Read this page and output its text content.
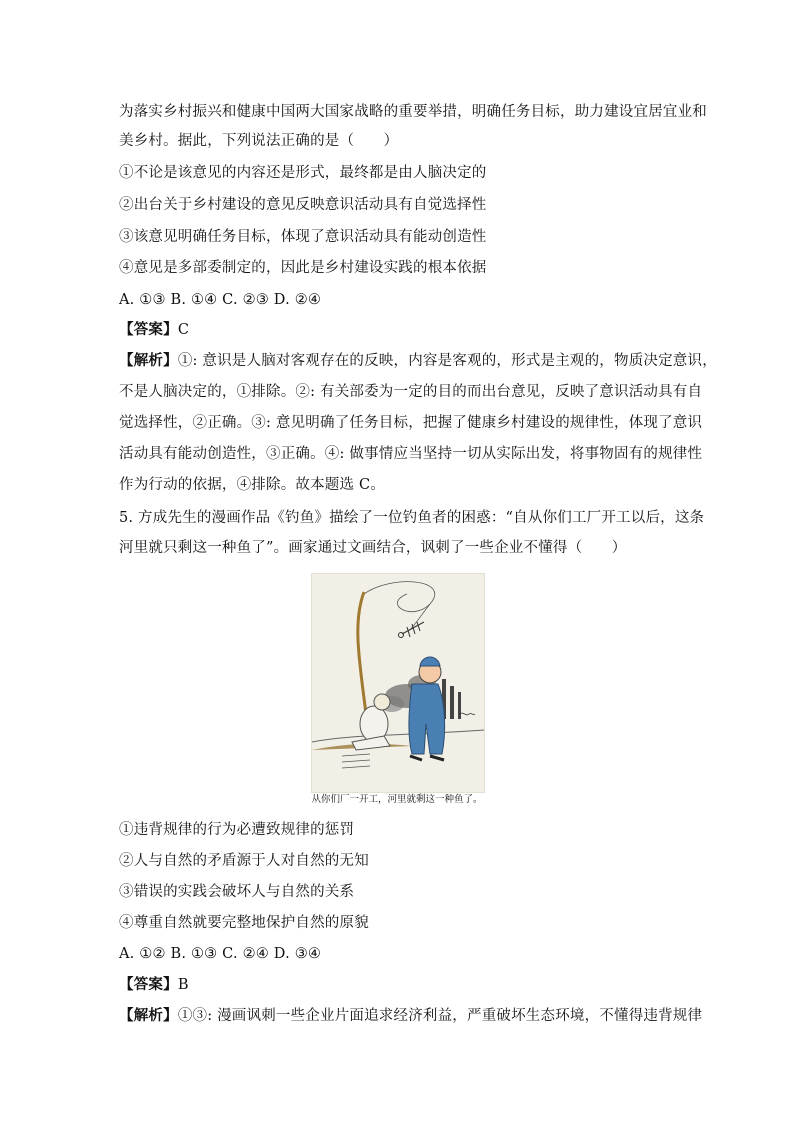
为落实乡村振兴和健康中国两大国家战略的重要举措，明确任务目标，助力建设宜居宜业和
美乡村。据此，下列说法正确的是（　　）
①不论是该意见的内容还是形式，最终都是由人脑决定的
②出台关于乡村建设的意见反映意识活动具有自觉选择性
③该意见明确任务目标，体现了意识活动具有能动创造性
④意见是多部委制定的，因此是乡村建设实践的根本依据
A. ①③ B. ①④ C. ②③ D. ②④
【答案】C
【解析】①: 意识是人脑对客观存在的反映，内容是客观的，形式是主观的，物质决定意识，
不是人脑决定的，①排除。②: 有关部委为一定的目的而出台意见，反映了意识活动具有自
觉选择性，②正确。③: 意见明确了任务目标，把握了健康乡村建设的规律性，体现了意识
活动具有能动创造性，③正确。④: 做事情应当坚持一切从实际出发，将事物固有的规律性
作为行动的依据，④排除。故本题选 C。
5. 方成先生的漫画作品《钓鱼》描绘了一位钓鱼者的困惑：“自从你们工厂开工以后，这条
河里就只剩这一种鱼了”。画家通过文画结合，讽刺了一些企业不懂得（　　）
从你们厂一开工，河里就剩这一种鱼了。
①违背规律的行为必遭致规律的惩罚
②人与自然的矛盾源于人对自然的无知
③错误的实践会破坏人与自然的关系
④尊重自然就要完整地保护自然的原貌
A. ①② B. ①③ C. ②④ D. ③④
【答案】B
【解析】①③: 漫画讽刺一些企业片面追求经济利益，严重破坏生态环境，不懂得违背规律
